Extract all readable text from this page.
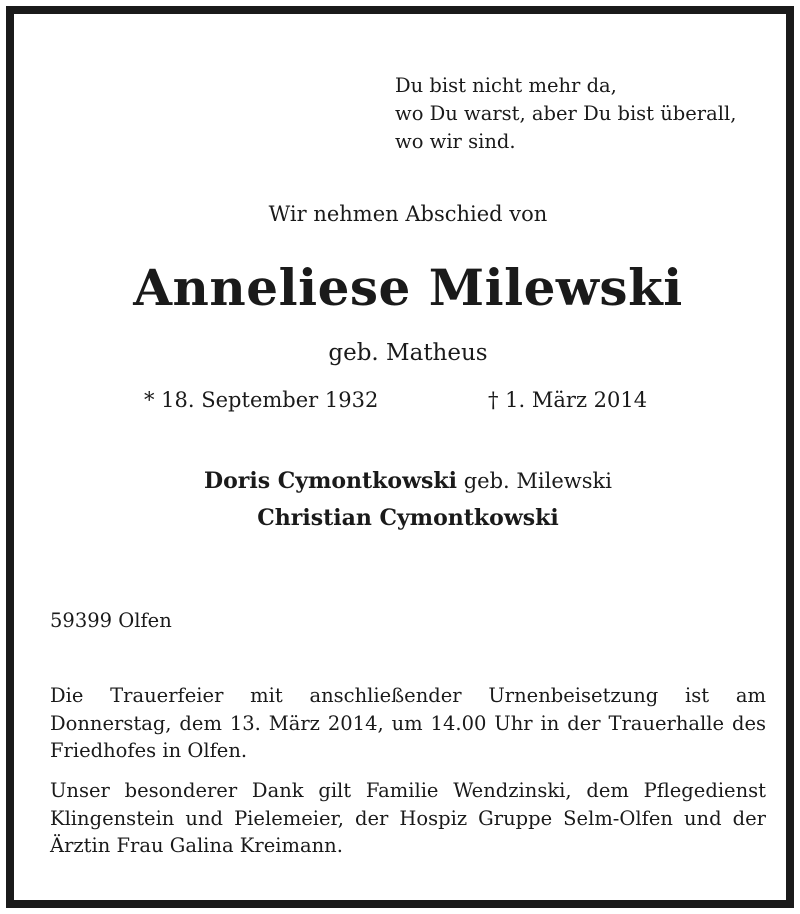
Du bist nicht mehr da,
wo Du warst, aber Du bist überall,
wo wir sind.
Wir nehmen Abschied von
Anneliese Milewski
geb. Matheus
* 18. September 1932	† 1. März 2014
Doris Cymontkowski geb. Milewski
Christian Cymontkowski
59399 Olfen
Die Trauerfeier mit anschließender Urnenbeisetzung ist am Donnerstag, dem 13. März 2014, um 14.00 Uhr in der Trauerhalle des Friedhofes in Olfen.
Unser besonderer Dank gilt Familie Wendzinski, dem Pflegedienst Klingenstein und Pielemeier, der Hospiz Gruppe Selm-Olfen und der Ärztin Frau Galina Kreimann.
